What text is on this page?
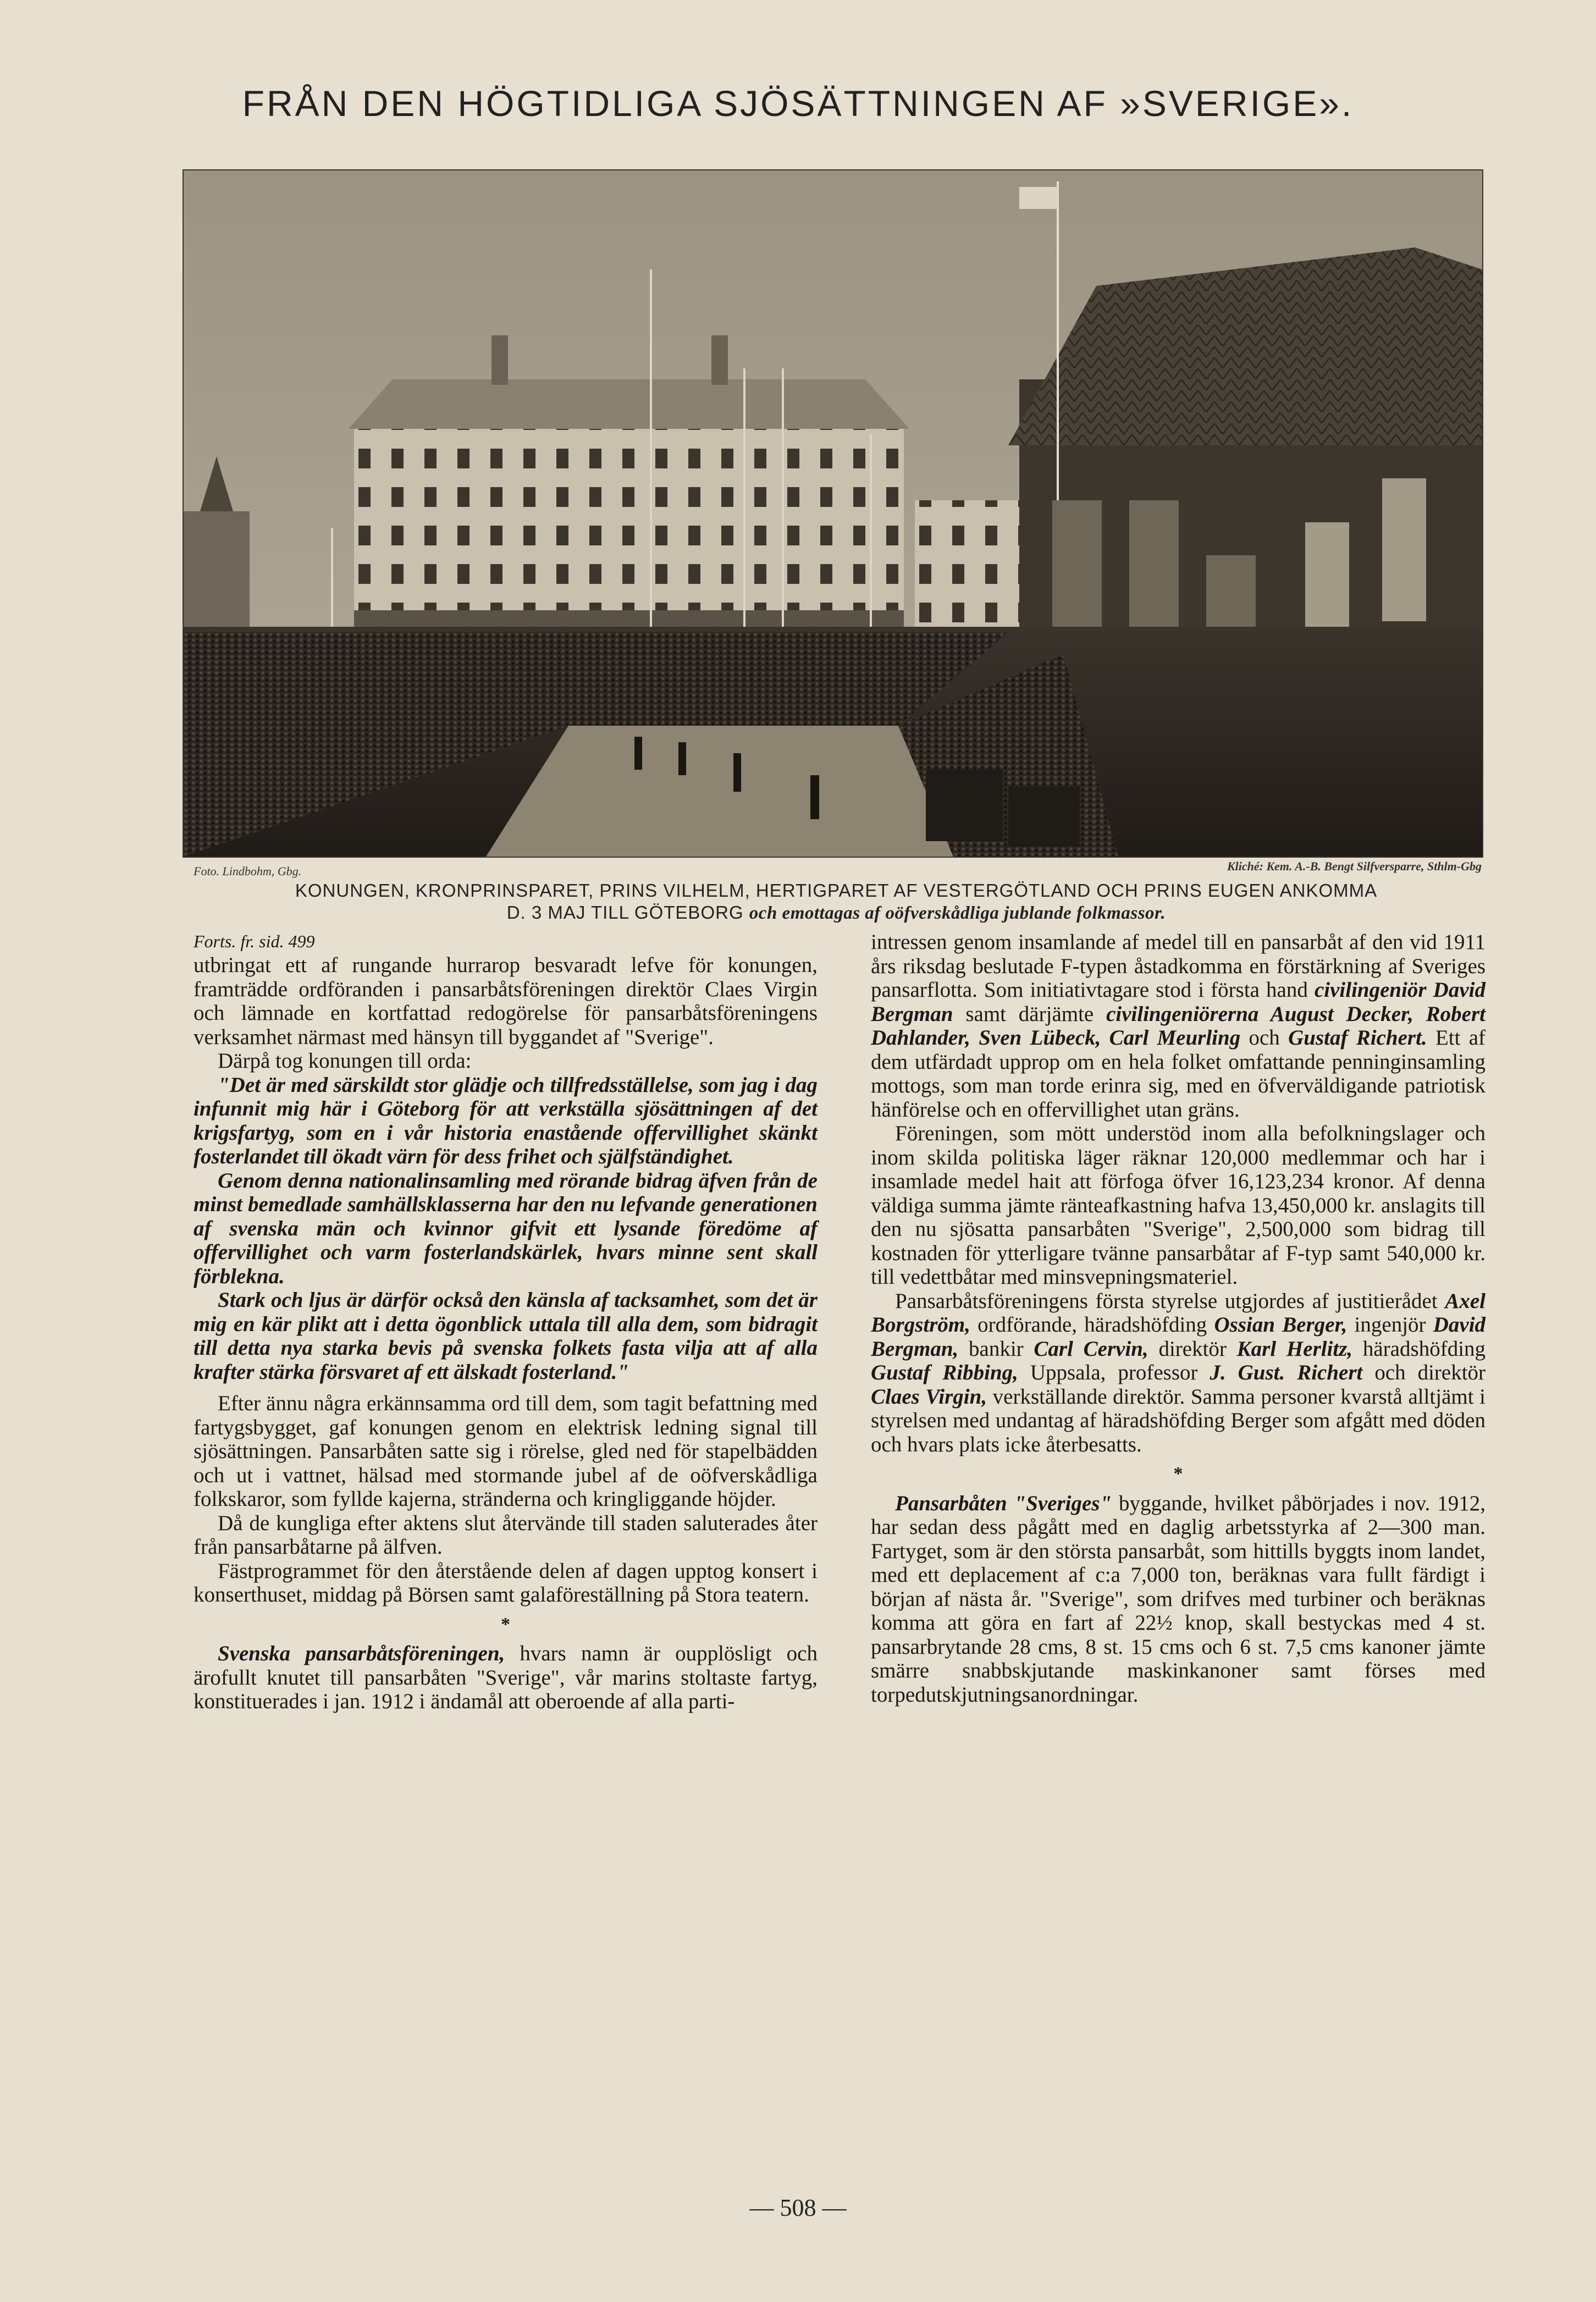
FRÅN DEN HÖGTIDLIGA SJÖSÄTTNINGEN AF »SVERIGE».
Foto. Lindbohm, Gbg.	Kliché: Kem. A.-B. Bengt Silfversparre, Sthlm-Gbg
KONUNGEN, KRONPRINSPARET, PRINS VILHELM, HERTIGPARET AF VESTERGÖTLAND OCH PRINS EUGEN ANKOMMA
D. 3 MAJ TILL GÖTEBORG och emottagas af oöfverskådliga jublande folkmassor.

Forts. fr. sid. 499

utbringat ett af rungande hurrarop besvaradt lefve för konungen, framträdde ordföranden i pansarbåtsföreningen direktör Claes Virgin och lämnade en kortfattad redogörelse för pansarbåtsföreningens verksamhet närmast med hänsyn till byggandet af "Sverige".

Därpå tog konungen till orda:

"Det är med särskildt stor glädje och tillfredsställelse, som jag i dag infunnit mig här i Göteborg för att verkställa sjösättningen af det krigsfartyg, som en i vår historia enastående offervillighet skänkt fosterlandet till ökadt värn för dess frihet och själfständighet.

Genom denna nationalinsamling med rörande bidrag äfven från de minst bemedlade samhällsklasserna har den nu lefvande generationen af svenska män och kvinnor gifvit ett lysande föredöme af offervillighet och varm fosterlandskärlek, hvars minne sent skall förblekna.

Stark och ljus är därför också den känsla af tacksamhet, som det är mig en kär plikt att i detta ögonblick uttala till alla dem, som bidragit till detta nya starka bevis på svenska folkets fasta vilja att af alla krafter stärka försvaret af ett älskadt fosterland."

Efter ännu några erkännsamma ord till dem, som tagit befattning med fartygsbygget, gaf konungen genom en elektrisk ledning signal till sjösättningen. Pansarbåten satte sig i rörelse, gled ned för stapelbädden och ut i vattnet, hälsad med stormande jubel af de oöfverskådliga folkskaror, som fyllde kajerna, stränderna och kringliggande höjder.

Då de kungliga efter aktens slut återvände till staden saluterades åter från pansarbåtarne på älfven.

Fästprogrammet för den återstående delen af dagen upptog konsert i konserthuset, middag på Börsen samt galaföreställning på Stora teatern.

*

Svenska pansarbåtsföreningen, hvars namn är oupplösligt och ärofullt knutet till pansarbåten "Sverige", vår marins stoltaste fartyg, konstituerades i jan. 1912 i ändamål att oberoende af alla parti-

intressen genom insamlande af medel till en pansarbåt af den vid 1911 års riksdag beslutade F-typen åstadkomma en förstärkning af Sveriges pansarflotta. Som initiativtagare stod i första hand civilingeniör David Bergman samt därjämte civilingeniörerna August Decker, Robert Dahlander, Sven Lübeck, Carl Meurling och Gustaf Richert. Ett af dem utfärdadt upprop om en hela folket omfattande penninginsamling mottogs, som man torde erinra sig, med en öfverväldigande patriotisk hänförelse och en offervillighet utan gräns.

Föreningen, som mött understöd inom alla befolkningslager och inom skilda politiska läger räknar 120,000 medlemmar och har i insamlade medel hait att förfoga öfver 16,123,234 kronor. Af denna väldiga summa jämte ränteafkastning hafva 13,450,000 kr. anslagits till den nu sjösatta pansarbåten "Sverige", 2,500,000 som bidrag till kostnaden för ytterligare tvänne pansarbåtar af F-typ samt 540,000 kr. till vedettbåtar med minsvepningsmateriel.

Pansarbåtsföreningens första styrelse utgjordes af justitierådet Axel Borgström, ordförande, häradshöfding Ossian Berger, ingenjör David Bergman, bankir Carl Cervin, direktör Karl Herlitz, häradshöfding Gustaf Ribbing, Uppsala, professor J. Gust. Richert och direktör Claes Virgin, verkställande direktör. Samma personer kvarstå alltjämt i styrelsen med undantag af häradshöfding Berger som afgått med döden och hvars plats icke återbesatts.

*

Pansarbåten "Sveriges" byggande, hvilket påbörjades i nov. 1912, har sedan dess pågått med en daglig arbetsstyrka af 2—300 man. Fartyget, som är den största pansarbåt, som hittills byggts inom landet, med ett deplacement af c:a 7,000 ton, beräknas vara fullt färdigt i början af nästa år. "Sverige", som drifves med turbiner och beräknas komma att göra en fart af 22½ knop, skall bestyckas med 4 st. pansarbrytande 28 cms, 8 st. 15 cms och 6 st. 7,5 cms kanoner jämte smärre snabbskjutande maskinkanoner samt förses med torpedutskjutningsanordningar.

— 508 —
